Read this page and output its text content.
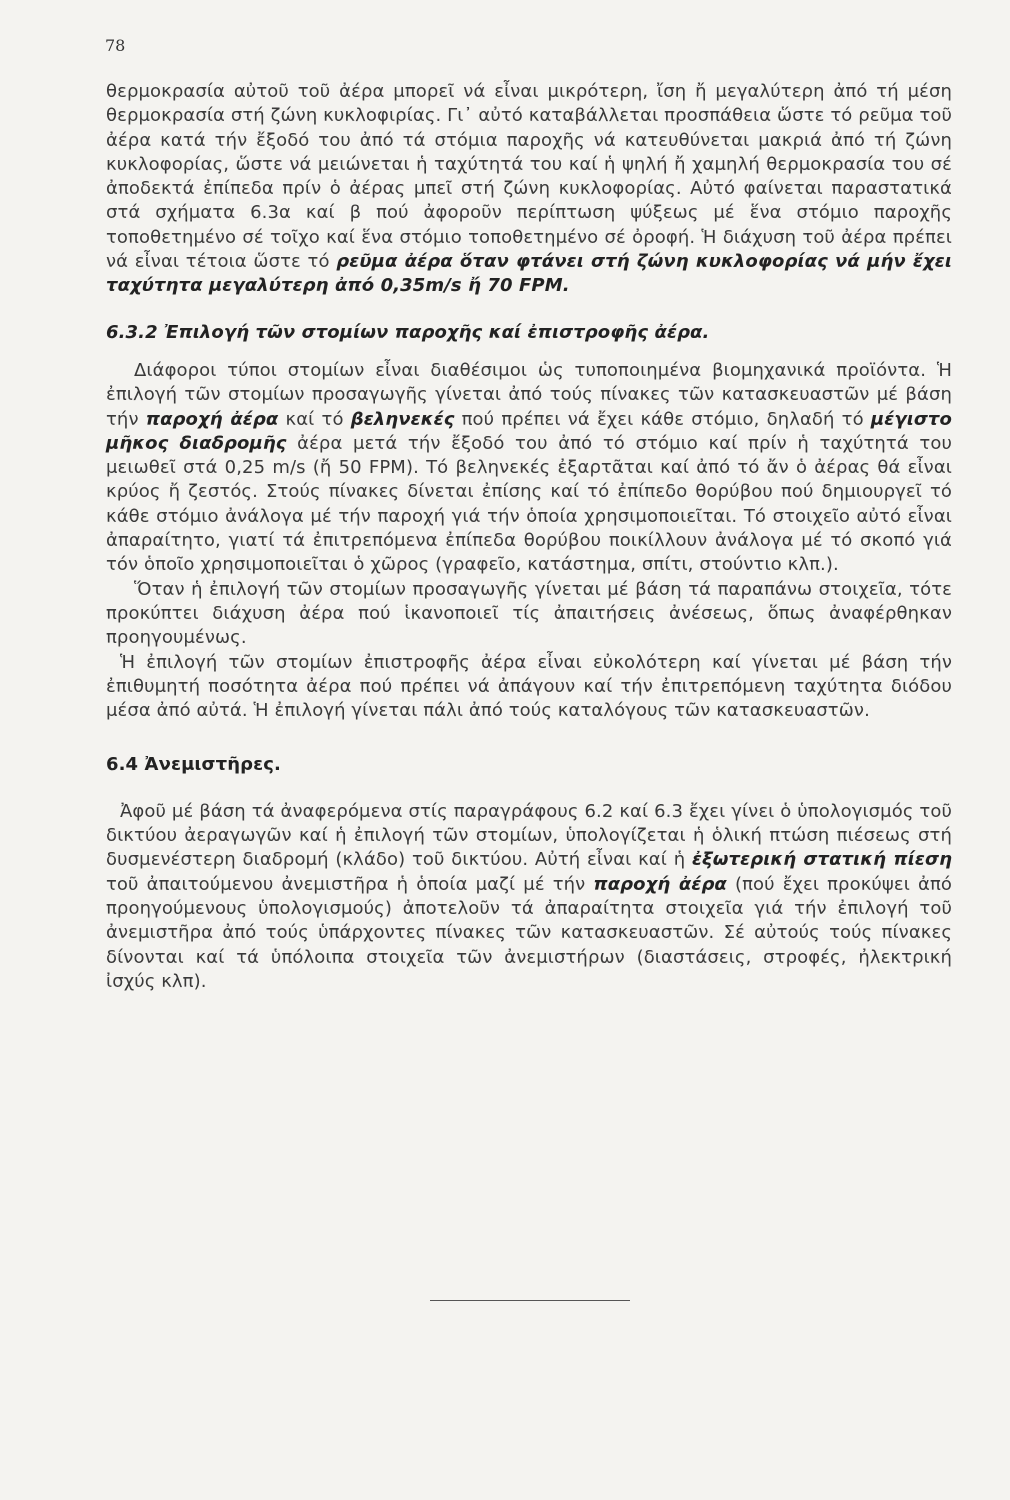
78

θερμοκρασία αὐτοῦ τοῦ ἀέρα μπορεῖ νά εἶναι μικρότερη, ἴση ἤ μεγαλύτερη ἀπό τή μέση θερμοκρασία στή ζώνη κυκλοφιρίας. Γι᾽ αὐτό καταβάλλεται προσπάθεια ὥστε τό ρεῦμα τοῦ ἀέρα κατά τήν ἔξοδό του ἀπό τά στόμια παροχῆς νά κατευθύνεται μακριά ἀπό τή ζώνη κυκλοφορίας, ὥστε νά μειώνεται ἡ ταχύτητά του καί ἡ ψηλή ἤ χαμηλή θερμοκρασία του σέ ἀποδεκτά ἐπίπεδα πρίν ὁ ἀέρας μπεῖ στή ζώνη κυκλοφορίας. Αὐτό φαίνεται παραστατικά στά σχήματα 6.3α καί β πού ἀφοροῦν περίπτωση ψύξεως μέ ἕνα στόμιο παροχῆς τοποθετημένο σέ τοῖχο καί ἕνα στόμιο τοποθετημένο σέ ὀροφή. Ἡ διάχυση τοῦ ἀέρα πρέπει νά εἶναι τέτοια ὥστε τό ρεῦμα ἀέρα ὅταν φτάνει στή ζώνη κυκλοφορίας νά μήν ἔχει ταχύτητα μεγαλύτερη ἀπό 0,35m/s ἤ 70 FPM.

6.3.2 Ἐπιλογή τῶν στομίων παροχῆς καί ἐπιστροφῆς ἀέρα.

Διάφοροι τύποι στομίων εἶναι διαθέσιμοι ὡς τυποποιημένα βιομηχανικά προϊόντα. Ἡ ἐπιλογή τῶν στομίων προσαγωγῆς γίνεται ἀπό τούς πίνακες τῶν κατασκευαστῶν μέ βάση τήν παροχή ἀέρα καί τό βεληνεκές πού πρέπει νά ἔχει κάθε στόμιο, δηλαδή τό μέγιστο μῆκος διαδρομῆς ἀέρα μετά τήν ἔξοδό του ἀπό τό στόμιο καί πρίν ἡ ταχύτητά του μειωθεῖ στά 0,25 m/s (ἤ 50 FPM). Τό βεληνεκές ἐξαρτᾶται καί ἀπό τό ἄν ὁ ἀέρας θά εἶναι κρύος ἤ ζεστός. Στούς πίνακες δίνεται ἐπίσης καί τό ἐπίπεδο θορύβου πού δημιουργεῖ τό κάθε στόμιο ἀνάλογα μέ τήν παροχή γιά τήν ὁποία χρησιμοποιεῖται. Τό στοιχεῖο αὐτό εἶναι ἀπαραίτητο, γιατί τά ἐπιτρεπόμενα ἐπίπεδα θορύβου ποικίλλουν ἀνάλογα μέ τό σκοπό γιά τόν ὁποῖο χρησιμοποιεῖται ὁ χῶρος (γραφεῖο, κατάστημα, σπίτι, στούντιο κλπ.).

Ὅταν ἡ ἐπιλογή τῶν στομίων προσαγωγῆς γίνεται μέ βάση τά παραπάνω στοιχεῖα, τότε προκύπτει διάχυση ἀέρα πού ἱκανοποιεῖ τίς ἀπαιτήσεις ἀνέσεως, ὅπως ἀναφέρθηκαν προηγουμένως.

Ἡ ἐπιλογή τῶν στομίων ἐπιστροφῆς ἀέρα εἶναι εὐκολότερη καί γίνεται μέ βάση τήν ἐπιθυμητή ποσότητα ἀέρα πού πρέπει νά ἀπάγουν καί τήν ἐπιτρεπόμενη ταχύτητα διόδου μέσα ἀπό αὐτά. Ἡ ἐπιλογή γίνεται πάλι ἀπό τούς καταλόγους τῶν κατασκευαστῶν.

6.4 Ἀνεμιστῆρες.

Ἀφοῦ μέ βάση τά ἀναφερόμενα στίς παραγράφους 6.2 καί 6.3 ἔχει γίνει ὁ ὑπολογισμός τοῦ δικτύου ἀεραγωγῶν καί ἡ ἐπιλογή τῶν στομίων, ὑπολογίζεται ἡ ὁλική πτώση πιέσεως στή δυσμενέστερη διαδρομή (κλάδο) τοῦ δικτύου. Αὐτή εἶναι καί ἡ ἐξωτερική στατική πίεση τοῦ ἀπαιτούμενου ἀνεμιστῆρα ἡ ὁποία μαζί μέ τήν παροχή ἀέρα (πού ἔχει προκύψει ἀπό προηγούμενους ὑπολογισμούς) ἀποτελοῦν τά ἀπαραίτητα στοιχεῖα γιά τήν ἐπιλογή τοῦ ἀνεμιστῆρα ἀπό τούς ὑπάρχοντες πίνακες τῶν κατασκευαστῶν. Σέ αὐτούς τούς πίνακες δίνονται καί τά ὑπόλοιπα στοιχεῖα τῶν ἀνεμιστήρων (διαστάσεις, στροφές, ἠλεκτρική ἰσχύς κλπ).
